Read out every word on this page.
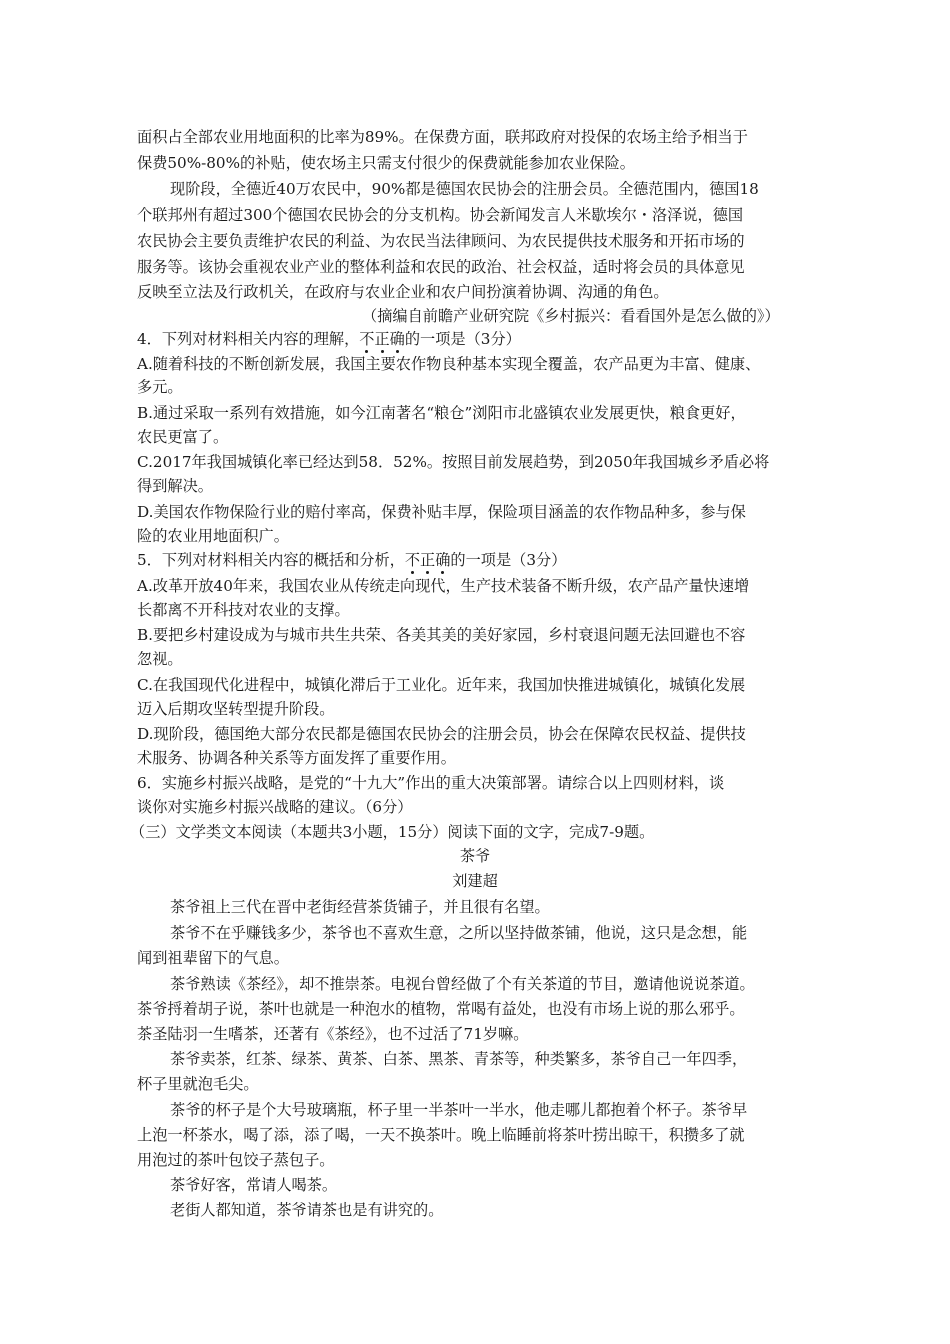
面积占全部农业用地面积的比率为89%。在保费方面，联邦政府对投保的农场主给予相当于
保费50%-80%的补贴，使农场主只需支付很少的保费就能参加农业保险。
现阶段，全德近40万农民中，90%都是德国农民协会的注册会员。全德范围内，德国18
个联邦州有超过300个德国农民协会的分支机构。协会新闻发言人米歇埃尔・洛泽说，德国
农民协会主要负责维护农民的利益、为农民当法律顾问、为农民提供技术服务和开拓市场的
服务等。该协会重视农业产业的整体利益和农民的政治、社会权益，适时将会员的具体意见
反映至立法及行政机关，在政府与农业企业和农户间扮演着协调、沟通的角色。
（摘编自前瞻产业研究院《乡村振兴：看看国外是怎么做的》）
4．下列对材料相关内容的理解，不正确的一项是（3分）
A.随着科技的不断创新发展，我国主要农作物良种基本实现全覆盖，农产品更为丰富、健康、
多元。
B.通过采取一系列有效措施，如今江南著名“粮仓”浏阳市北盛镇农业发展更快，粮食更好，
农民更富了。
C.2017年我国城镇化率已经达到58．52%。按照目前发展趋势，到2050年我国城乡矛盾必将
得到解决。
D.美国农作物保险行业的赔付率高，保费补贴丰厚，保险项目涵盖的农作物品种多，参与保
险的农业用地面积广。
5．下列对材料相关内容的概括和分析，不正确的一项是（3分）
A.改革开放40年来，我国农业从传统走向现代，生产技术装备不断升级，农产品产量快速增
长都离不开科技对农业的支撑。
B.要把乡村建设成为与城市共生共荣、各美其美的美好家园，乡村衰退问题无法回避也不容
忽视。
C.在我国现代化进程中，城镇化滞后于工业化。近年来，我国加快推进城镇化，城镇化发展
迈入后期攻坚转型提升阶段。
D.现阶段，德国绝大部分农民都是德国农民协会的注册会员，协会在保障农民权益、提供技
术服务、协调各种关系等方面发挥了重要作用。
6．实施乡村振兴战略，是党的“十九大”作出的重大决策部署。请综合以上四则材料，谈
谈你对实施乡村振兴战略的建议。（6分）
（三）文学类文本阅读（本题共3小题，15分）阅读下面的文字，完成7-9题。
茶爷
刘建超
茶爷祖上三代在晋中老街经营茶货铺子，并且很有名望。
茶爷不在乎赚钱多少，茶爷也不喜欢生意，之所以坚持做茶铺，他说，这只是念想，能
闻到祖辈留下的气息。
茶爷熟读《茶经》，却不推崇茶。电视台曾经做了个有关茶道的节目，邀请他说说茶道。
茶爷捋着胡子说，茶叶也就是一种泡水的植物，常喝有益处，也没有市场上说的那么邪乎。
茶圣陆羽一生嗜茶，还著有《茶经》，也不过活了71岁嘛。
茶爷卖茶，红茶、绿茶、黄茶、白茶、黑茶、青茶等，种类繁多，茶爷自己一年四季，
杯子里就泡毛尖。
茶爷的杯子是个大号玻璃瓶，杯子里一半茶叶一半水，他走哪儿都抱着个杯子。茶爷早
上泡一杯茶水，喝了添，添了喝，一天不换茶叶。晚上临睡前将茶叶捞出晾干，积攒多了就
用泡过的茶叶包饺子蒸包子。
茶爷好客，常请人喝茶。
老街人都知道，茶爷请茶也是有讲究的。
